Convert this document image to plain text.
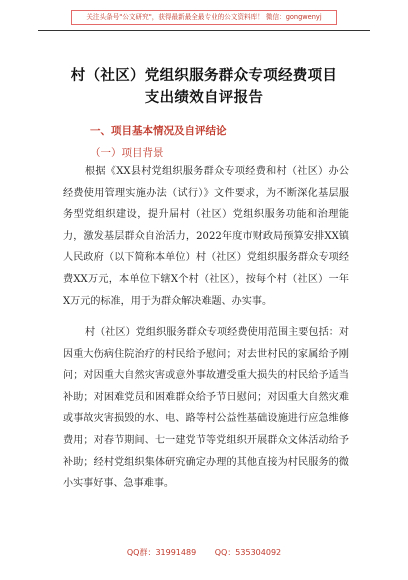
关注头条号"公文研究"，获得最新最全最专业的公文资料库！ 微信：gongwenyj
村（社区）党组织服务群众专项经费项目
支出绩效自评报告
一、项目基本情况及自评结论
（一）项目背景
根据《XX县村党组织服务群众专项经费和村（社区）办公经费使用管理实施办法（试行）》文件要求，为不断深化基层服务型党组织建设，提升届村（社区）党组织服务功能和治理能力，激发基层群众自治活力，2022年度市财政局预算安排XX镇人民政府（以下简称本单位）村（社区）党组织服务群众专项经费XX万元，本单位下辖X个村（社区），按每个村（社区）一年X万元的标准，用于为群众解决难题、办实事。
村（社区）党组织服务群众专项经费使用范围主要包括：对因重大伤病住院治疗的村民给予慰问；对去世村民的家属给予刚问；对因重大自然灾害或意外事故遭受重大损失的村民给予适当补助；对困难党员和困难群众给予节日慰问；对因重大自然灾难或事故灾害损毁的水、电、路等村公益性基础设施进行应急维修费用；对春节期间、七一建党节等党组织开展群众文体活动给予补助；经村党组织集体研究确定办理的其他直接为村民服务的微小实事好事、急事难事。
QQ群：31991489 QQ：535304092
